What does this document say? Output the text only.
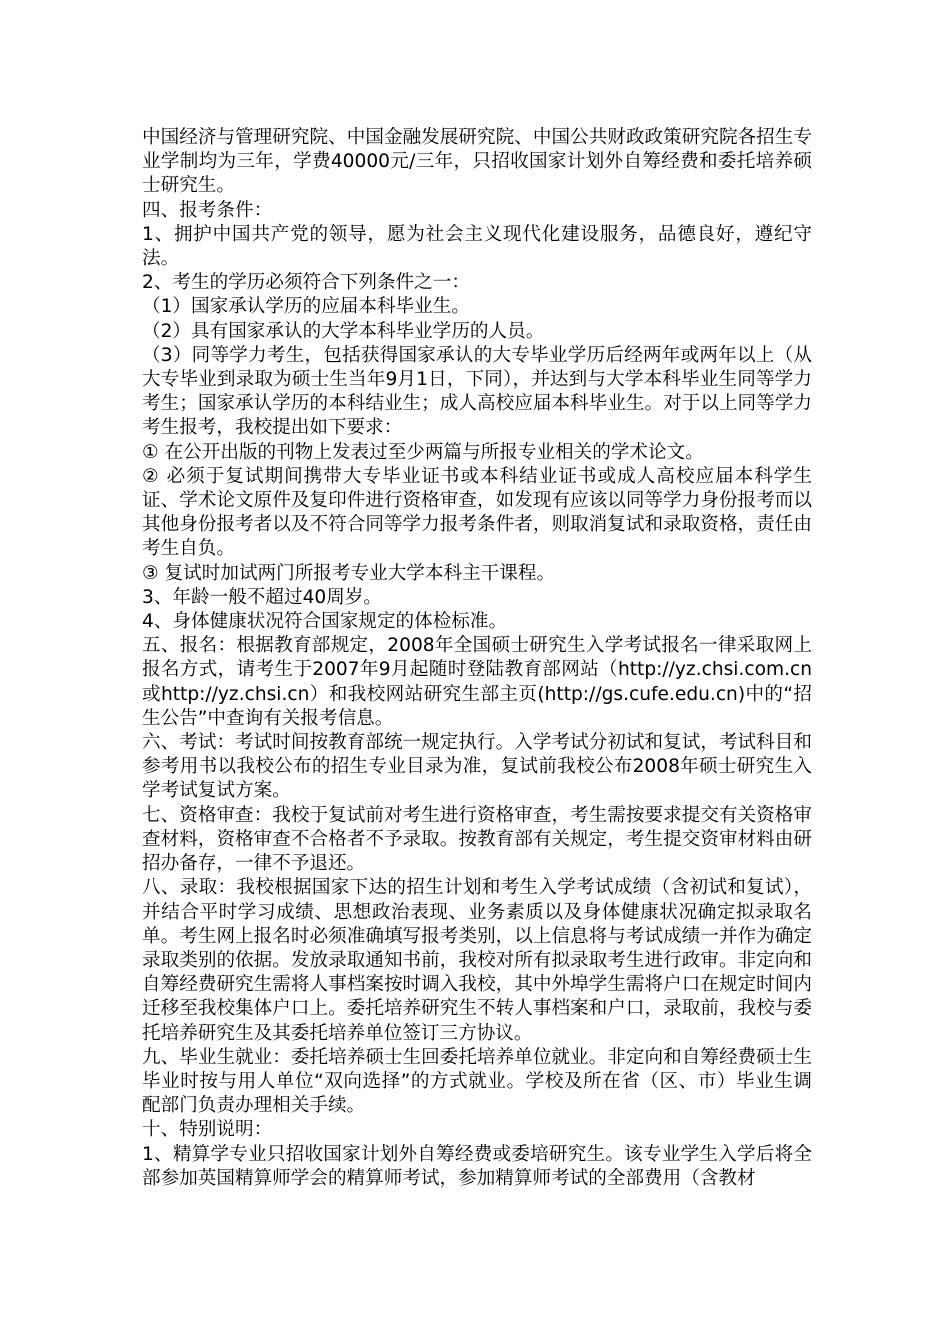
中国经济与管理研究院、中国金融发展研究院、中国公共财政政策研究院各招生专业学制均为三年，学费40000元/三年，只招收国家计划外自筹经费和委托培养硕士研究生。

四、报考条件：

1、拥护中国共产党的领导，愿为社会主义现代化建设服务，品德良好，遵纪守法。

2、考生的学历必须符合下列条件之一：

（1）国家承认学历的应届本科毕业生。

（2）具有国家承认的大学本科毕业学历的人员。

（3）同等学力考生，包括获得国家承认的大专毕业学历后经两年或两年以上（从大专毕业到录取为硕士生当年9月1日，下同），并达到与大学本科毕业生同等学力考生；国家承认学历的本科结业生；成人高校应届本科毕业生。对于以上同等学力考生报考，我校提出如下要求：

① 在公开出版的刊物上发表过至少两篇与所报专业相关的学术论文。

② 必须于复试期间携带大专毕业证书或本科结业证书或成人高校应届本科学生证、学术论文原件及复印件进行资格审查，如发现有应该以同等学力身份报考而以其他身份报考者以及不符合同等学力报考条件者，则取消复试和录取资格，责任由考生自负。

③ 复试时加试两门所报考专业大学本科主干课程。

3、年龄一般不超过40周岁。

4、身体健康状况符合国家规定的体检标准。

五、报名：根据教育部规定，2008年全国硕士研究生入学考试报名一律采取网上报名方式，请考生于2007年9月起随时登陆教育部网站（http://yz.chsi.com.cn或http://yz.chsi.cn）和我校网站研究生部主页(http://gs.cufe.edu.cn)中的“招生公告”中查询有关报考信息。

六、考试：考试时间按教育部统一规定执行。入学考试分初试和复试，考试科目和参考用书以我校公布的招生专业目录为准，复试前我校公布2008年硕士研究生入学考试复试方案。

七、资格审查：我校于复试前对考生进行资格审查，考生需按要求提交有关资格审查材料，资格审查不合格者不予录取。按教育部有关规定，考生提交资审材料由研招办备存，一律不予退还。

八、录取：我校根据国家下达的招生计划和考生入学考试成绩（含初试和复试），并结合平时学习成绩、思想政治表现、业务素质以及身体健康状况确定拟录取名单。考生网上报名时必须准确填写报考类别，以上信息将与考试成绩一并作为确定录取类别的依据。发放录取通知书前，我校对所有拟录取考生进行政审。非定向和自筹经费研究生需将人事档案按时调入我校，其中外埠学生需将户口在规定时间内迁移至我校集体户口上。委托培养研究生不转人事档案和户口，录取前，我校与委托培养研究生及其委托培养单位签订三方协议。

九、毕业生就业：委托培养硕士生回委托培养单位就业。非定向和自筹经费硕士生毕业时按与用人单位“双向选择”的方式就业。学校及所在省（区、市）毕业生调配部门负责办理相关手续。

十、特别说明：

1、精算学专业只招收国家计划外自筹经费或委培研究生。该专业学生入学后将全部参加英国精算师学会的精算师考试，参加精算师考试的全部费用（含教材
